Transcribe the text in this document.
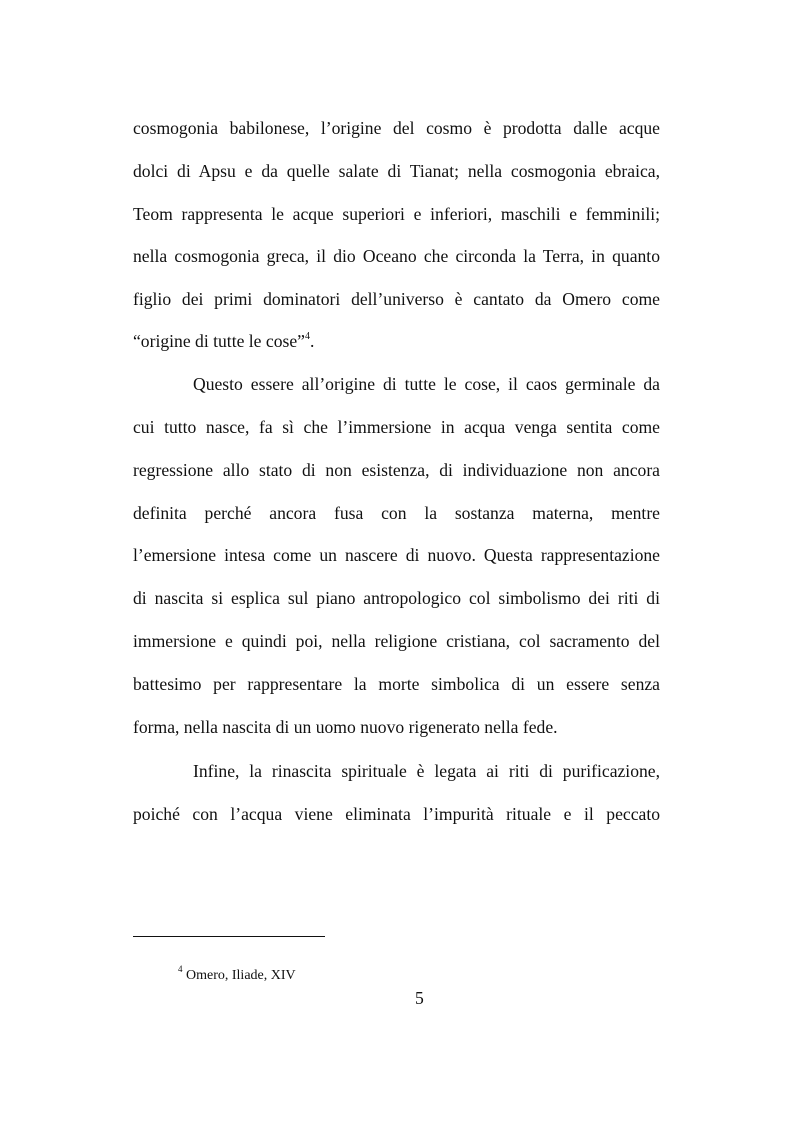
cosmogonia babilonese, l’origine del cosmo è prodotta dalle acque
dolci di Apsu e da quelle salate di Tianat; nella cosmogonia ebraica,
Teom rappresenta le acque superiori e inferiori, maschili e femminili;
nella cosmogonia greca, il dio Oceano che circonda la Terra, in quanto
figlio dei primi dominatori dell’universo è cantato da Omero come
“origine di tutte le cose”$^4$.
Questo essere all’origine di tutte le cose, il caos germinale da
cui tutto nasce, fa sì che l’immersione in acqua venga sentita come
regressione allo stato di non esistenza, di individuazione non ancora
definita perché ancora fusa con la sostanza materna, mentre
l’emersione intesa come un nascere di nuovo. Questa rappresentazione
di nascita si esplica sul piano antropologico col simbolismo dei riti di
immersione e quindi poi, nella religione cristiana, col sacramento del
battesimo per rappresentare la morte simbolica di un essere senza
forma, nella nascita di un uomo nuovo rigenerato nella fede.
Infine, la rinascita spirituale è legata ai riti di purificazione,
poiché con l’acqua viene eliminata l’impurità rituale e il peccato
$^4$ Omero, Iliade, XIV
5
